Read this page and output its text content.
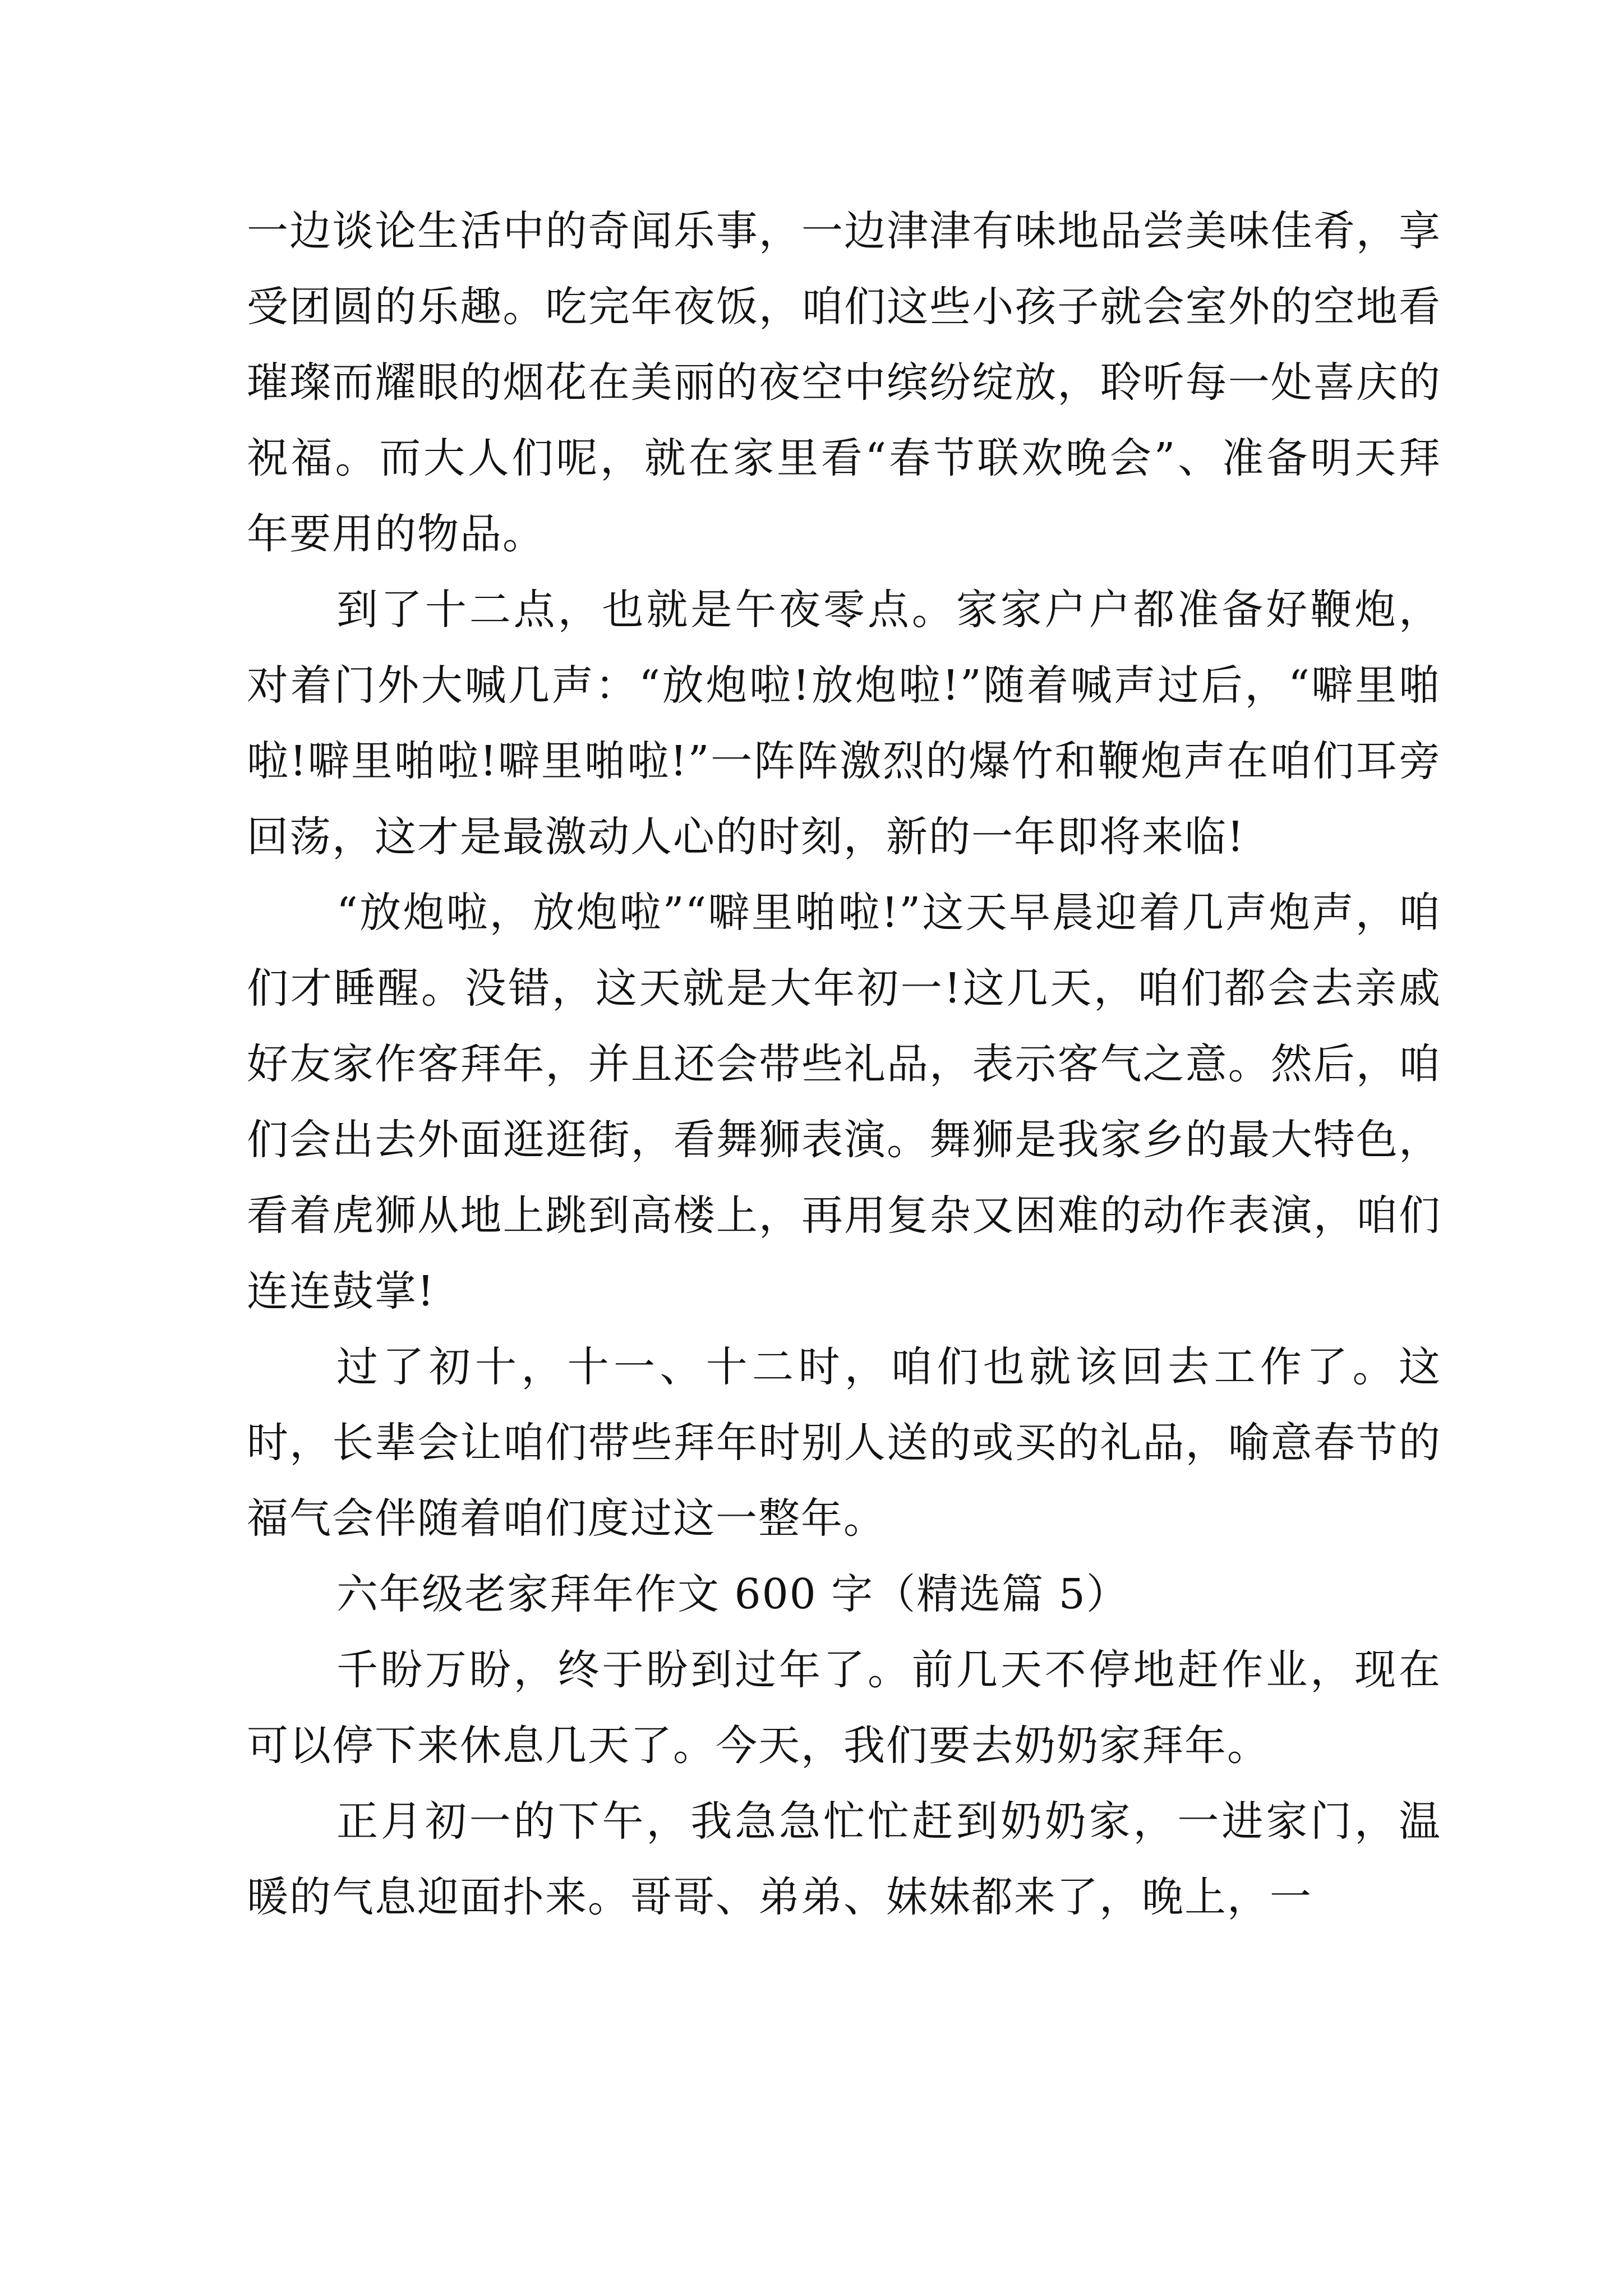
一边谈论生活中的奇闻乐事，一边津津有味地品尝美味佳肴，享受团圆的乐趣。吃完年夜饭，咱们这些小孩子就会室外的空地看璀璨而耀眼的烟花在美丽的夜空中缤纷绽放，聆听每一处喜庆的祝福。而大人们呢，就在家里看“春节联欢晚会”、准备明天拜年要用的物品。

到了十二点，也就是午夜零点。家家户户都准备好鞭炮，对着门外大喊几声：“放炮啦!放炮啦!”随着喊声过后，“噼里啪啦!噼里啪啦!噼里啪啦!”一阵阵激烈的爆竹和鞭炮声在咱们耳旁回荡，这才是最激动人心的时刻，新的一年即将来临!

“放炮啦，放炮啦”“噼里啪啦!”这天早晨迎着几声炮声，咱们才睡醒。没错，这天就是大年初一!这几天，咱们都会去亲戚好友家作客拜年，并且还会带些礼品，表示客气之意。然后，咱们会出去外面逛逛街，看舞狮表演。舞狮是我家乡的最大特色，看着虎狮从地上跳到高楼上，再用复杂又困难的动作表演，咱们连连鼓掌!

过了初十，十一、十二时，咱们也就该回去工作了。这时，长辈会让咱们带些拜年时别人送的或买的礼品，喻意春节的福气会伴随着咱们度过这一整年。

六年级老家拜年作文 600 字（精选篇 5）

千盼万盼，终于盼到过年了。前几天不停地赶作业，现在可以停下来休息几天了。今天，我们要去奶奶家拜年。

正月初一的下午，我急急忙忙赶到奶奶家，一进家门，温暖的气息迎面扑来。哥哥、弟弟、妹妹都来了，晚上，一
